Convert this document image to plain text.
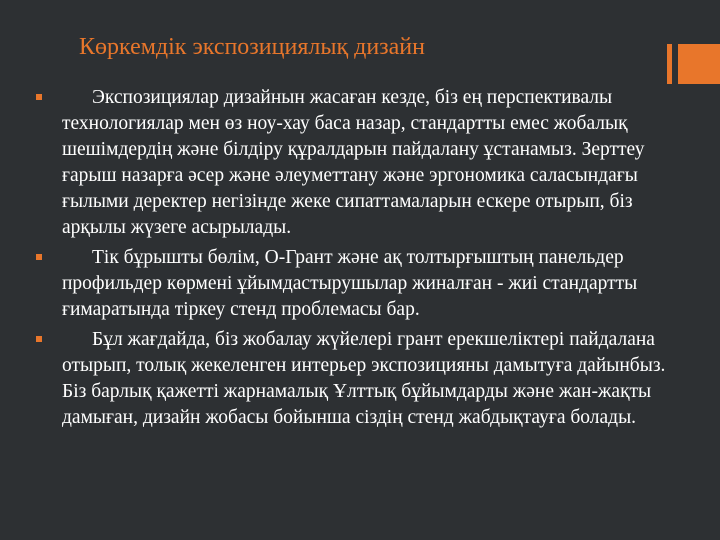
Көркемдік экспозициялық дизайн
Экспозициялар дизайнын жасаған кезде, біз ең перспективалы технологиялар мен өз ноу-хау баса назар, стандартты емес жобалық шешімдердің және білдіру құралдарын пайдалану ұстанамыз. Зерттеу ғарыш назарға әсер және әлеуметтану және эргономика саласындағы ғылыми деректер негізінде жеке сипаттамаларын ескере отырып, біз арқылы жүзеге асырылады.
Тік бұрышты бөлім, О-Грант және ақ толтырғыштың панельдер профильдер көрмені ұйымдастырушылар жиналған - жиі стандартты ғимаратында тіркеу стенд проблемасы бар.
Бұл жағдайда, біз жобалау жүйелері грант ерекшеліктері пайдалана отырып, толық жекеленген интерьер экспозицияны дамытуға дайынбыз. Біз барлық қажетті жарнамалық Ұлттық бұйымдарды және жан-жақты дамыған, дизайн жобасы бойынша сіздің стенд жабдықтауға болады.
